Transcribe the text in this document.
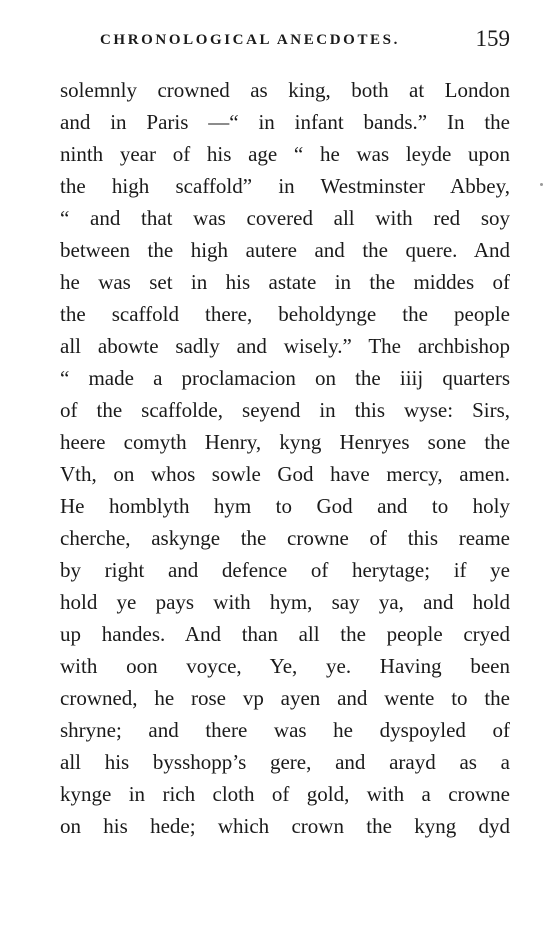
CHRONOLOGICAL ANECDOTES.	159
solemnly crowned as king, both at London
and in Paris —“ in infant bands.” In the
ninth year of his age “ he was leyde upon
the high scaffold” in Westminster Abbey,
“ and that was covered all with red soy
between the high autere and the quere. And
he was set in his astate in the middes of
the scaffold there, beholdynge the people
all abowte sadly and wisely.” The archbishop
“ made a proclamacion on the iiij quarters
of the scaffolde, seyend in this wyse: Sirs,
heere comyth Henry, kyng Henryes sone the
Vth, on whos sowle God have mercy, amen.
He homblyth hym to God and to holy
cherche, askynge the crowne of this reame
by right and defence of herytage; if ye
hold ye pays with hym, say ya, and hold
up handes. And than all the people cryed
with oon voyce, Ye, ye. Having been
crowned, he rose vp ayen and wente to the
shryne; and there was he dyspoyled of
all his bysshopp’s gere, and arayd as a
kynge in rich cloth of gold, with a crowne
on his hede; which crown the kyng dyd
